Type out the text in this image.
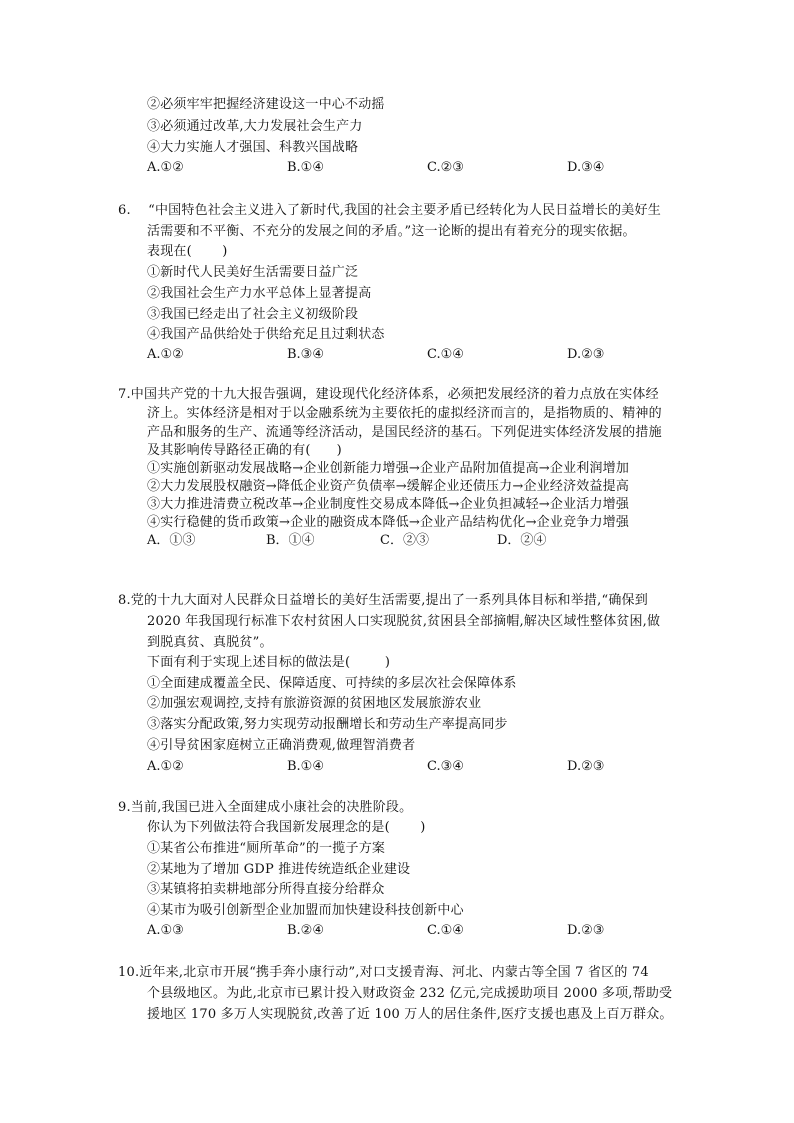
②必须牢牢把握经济建设这一中心不动摇
③必须通过改革,大力发展社会生产力
④大力实施人才强国、科教兴国战略
A.①②	B.①④	C.②③	D.③④
6.    “中国特色社会主义进入了新时代,我国的社会主要矛盾已经转化为人民日益增长的美好生
活需要和不平衡、不充分的发展之间的矛盾。”这一论断的提出有着充分的现实依据。
表现在(       )
①新时代人民美好生活需要日益广泛
②我国社会生产力水平总体上显著提高
③我国已经走出了社会主义初级阶段
④我国产品供给处于供给充足且过剩状态
A.①②	B.③④	C.①④	D.②③
7.中国共产党的十九大报告强调，建设现代化经济体系，必须把发展经济的着力点放在实体经
济上。实体经济是相对于以金融系统为主要依托的虚拟经济而言的，是指物质的、精神的
产品和服务的生产、流通等经济活动，是国民经济的基石。下列促进实体经济发展的措施
及其影响传导路径正确的有(      )
①实施创新驱动发展战略→企业创新能力增强→企业产品附加值提高→企业利润增加
②大力发展股权融资→降低企业资产负债率→缓解企业还债压力→企业经济效益提高
③大力推进清费立税改革→企业制度性交易成本降低→企业负担减轻→企业活力增强
④实行稳健的货币政策→企业的融资成本降低→企业产品结构优化→企业竞争力增强
A．①③	B．①④	C．②③	D．②④
8.党的十九大面对人民群众日益增长的美好生活需要,提出了一系列具体目标和举措,“确保到
2020 年我国现行标准下农村贫困人口实现脱贫,贫困县全部摘帽,解决区域性整体贫困,做
到脱真贫、真脱贫”。
下面有利于实现上述目标的做法是(        )
①全面建成覆盖全民、保障适度、可持续的多层次社会保障体系
②加强宏观调控,支持有旅游资源的贫困地区发展旅游农业
③落实分配政策,努力实现劳动报酬增长和劳动生产率提高同步
④引导贫困家庭树立正确消费观,做理智消费者
A.①②	B.①④	C.③④	D.②③
9.当前,我国已进入全面建成小康社会的决胜阶段。
你认为下列做法符合我国新发展理念的是(       )
①某省公布推进“厕所革命”的一揽子方案
②某地为了增加 GDP 推进传统造纸企业建设
③某镇将拍卖耕地部分所得直接分给群众
④某市为吸引创新型企业加盟而加快建设科技创新中心
A.①③	B.②④	C.①④	D.②③
10.近年来,北京市开展“携手奔小康行动”,对口支援青海、河北、内蒙古等全国 7 省区的 74
个县级地区。为此,北京市已累计投入财政资金 232 亿元,完成援助项目 2000 多项,帮助受
援地区 170 多万人实现脱贫,改善了近 100 万人的居住条件,医疗支援也惠及上百万群众。
